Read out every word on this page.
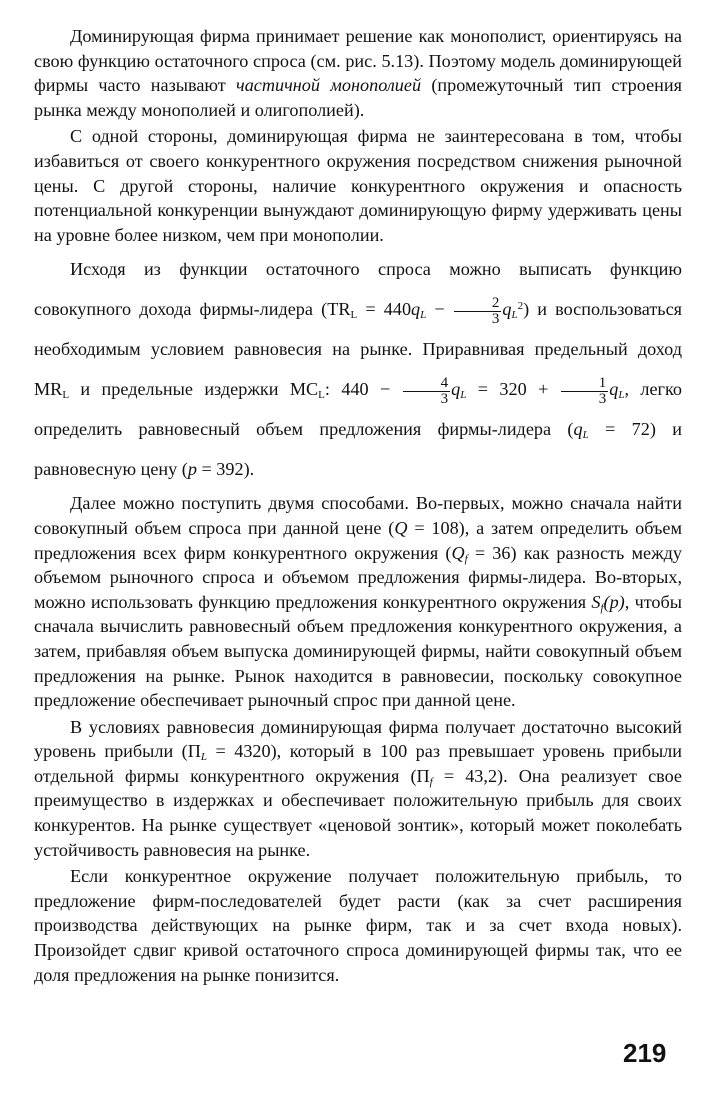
Доминирующая фирма принимает решение как монополист, ориентируясь на свою функцию остаточного спроса (см. рис. 5.13). Поэтому модель доминирующей фирмы часто называют частичной монополией (промежуточный тип строения рынка между монополией и олигополией).

С одной стороны, доминирующая фирма не заинтересована в том, чтобы избавиться от своего конкурентного окружения посредством снижения рыночной цены. С другой стороны, наличие конкурентного окружения и опасность потенциальной конкуренции вынуждают доминирующую фирму удерживать цены на уровне более низком, чем при монополии.

Исходя из функции остаточного спроса можно выписать функцию совокупного дохода фирмы-лидера $(TR_L = 440q_L - \frac{2}{3} q_L^2)$ и воспользоваться необходимым условием равновесия на рынке. Приравнивая предельный доход $MR_L$ и предельные издержки $MC_L$: $440 - \frac{4}{3} q_L = 320 + \frac{1}{3} q_L$, легко определить равновесный объем предложения фирмы-лидера $(q_L = 72)$ и равновесную цену (p = 392).

Далее можно поступить двумя способами. Во-первых, можно сначала найти совокупный объем спроса при данной цене (Q = 108), а затем определить объем предложения всех фирм конкурентного окружения $(Q_f = 36)$ как разность между объемом рыночного спроса и объемом предложения фирмы-лидера. Во-вторых, можно использовать функцию предложения конкурентного окружения $S_f(p)$, чтобы сначала вычислить равновесный объем предложения конкурентного окружения, а затем, прибавляя объем выпуска доминирующей фирмы, найти совокупный объем предложения на рынке. Рынок находится в равновесии, поскольку совокупное предложение обеспечивает рыночный спрос при данной цене.

В условиях равновесия доминирующая фирма получает достаточно высокий уровень прибыли $(\Pi_L = 4320)$, который в 100 раз превышает уровень прибыли отдельной фирмы конкурентного окружения $(\Pi_f = 43,2)$. Она реализует свое преимущество в издержках и обеспечивает положительную прибыль для своих конкурентов. На рынке существует «ценовой зонтик», который может поколебать устойчивость равновесия на рынке.

Если конкурентное окружение получает положительную прибыль, то предложение фирм-последователей будет расти (как за счет расширения производства действующих на рынке фирм, так и за счет входа новых). Произойдет сдвиг кривой остаточного спроса доминирующей фирмы так, что ее доля предложения на рынке понизится.

219
